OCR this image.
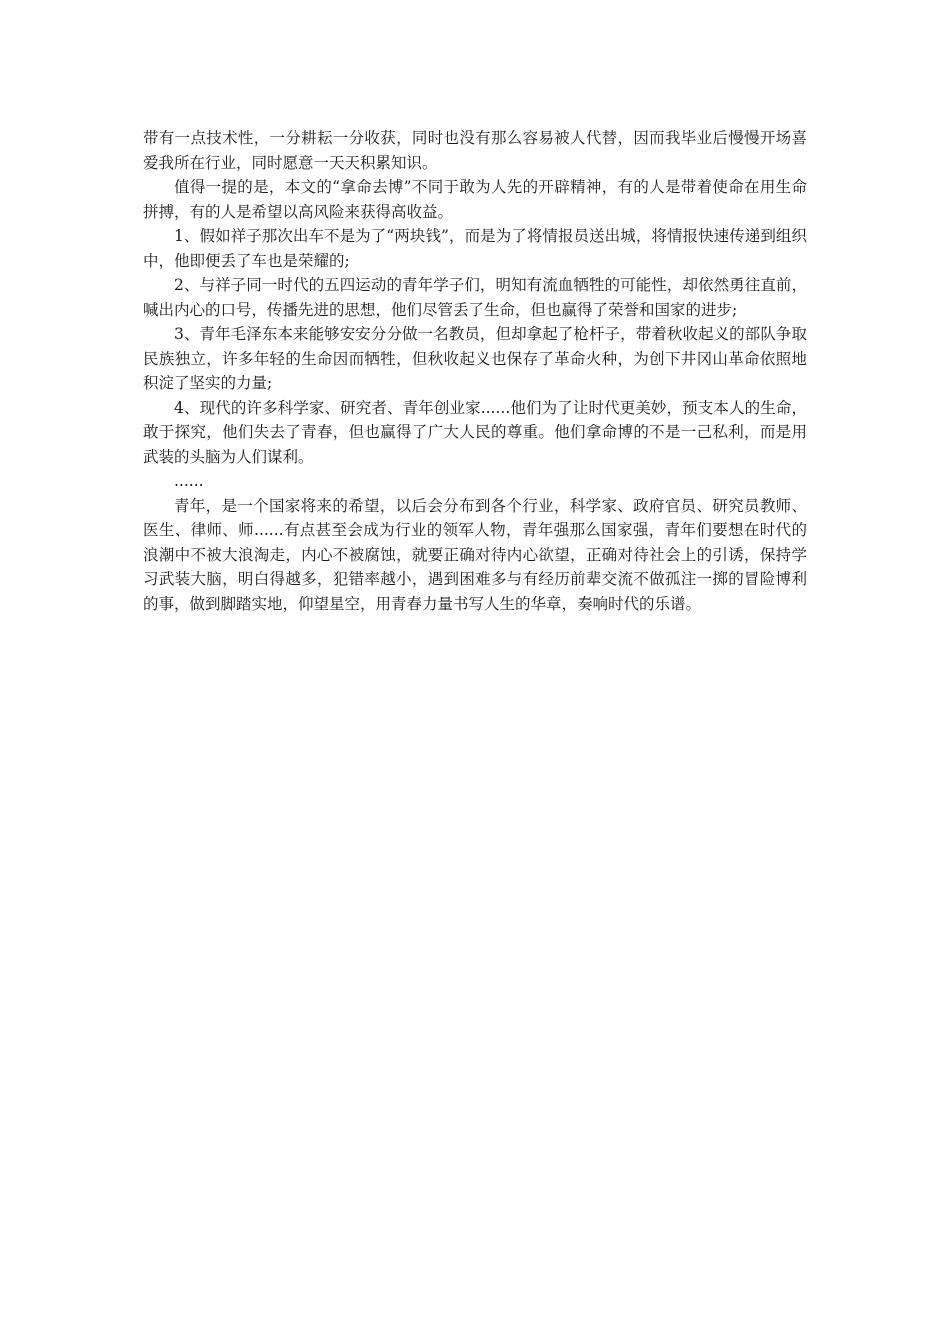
带有一点技术性，一分耕耘一分收获，同时也没有那么容易被人代替，因而我毕业后慢慢开场喜爱我所在行业，同时愿意一天天积累知识。

值得一提的是，本文的“拿命去博”不同于敢为人先的开辟精神，有的人是带着使命在用生命拼搏，有的人是希望以高风险来获得高收益。

1、假如祥子那次出车不是为了“两块钱”，而是为了将情报员送出城，将情报快速传递到组织中，他即便丢了车也是荣耀的;

2、与祥子同一时代的五四运动的青年学子们，明知有流血牺牲的可能性，却依然勇往直前，喊出内心的口号，传播先进的思想，他们尽管丢了生命，但也赢得了荣誉和国家的进步;

3、青年毛泽东本来能够安安分分做一名教员，但却拿起了枪杆子，带着秋收起义的部队争取民族独立，许多年轻的生命因而牺牲，但秋收起义也保存了革命火种，为创下井冈山革命依照地积淀了坚实的力量;

4、现代的许多科学家、研究者、青年创业家......他们为了让时代更美妙，预支本人的生命，敢于探究，他们失去了青春，但也赢得了广大人民的尊重。他们拿命博的不是一己私利，而是用武装的头脑为人们谋利。

......

青年，是一个国家将来的希望，以后会分布到各个行业，科学家、政府官员、研究员教师、医生、律师、师......有点甚至会成为行业的领军人物，青年强那么国家强，青年们要想在时代的浪潮中不被大浪淘走，内心不被腐蚀，就要正确对待内心欲望，正确对待社会上的引诱，保持学习武装大脑，明白得越多，犯错率越小，遇到困难多与有经历前辈交流不做孤注一掷的冒险博利的事，做到脚踏实地，仰望星空，用青春力量书写人生的华章，奏响时代的乐谱。
